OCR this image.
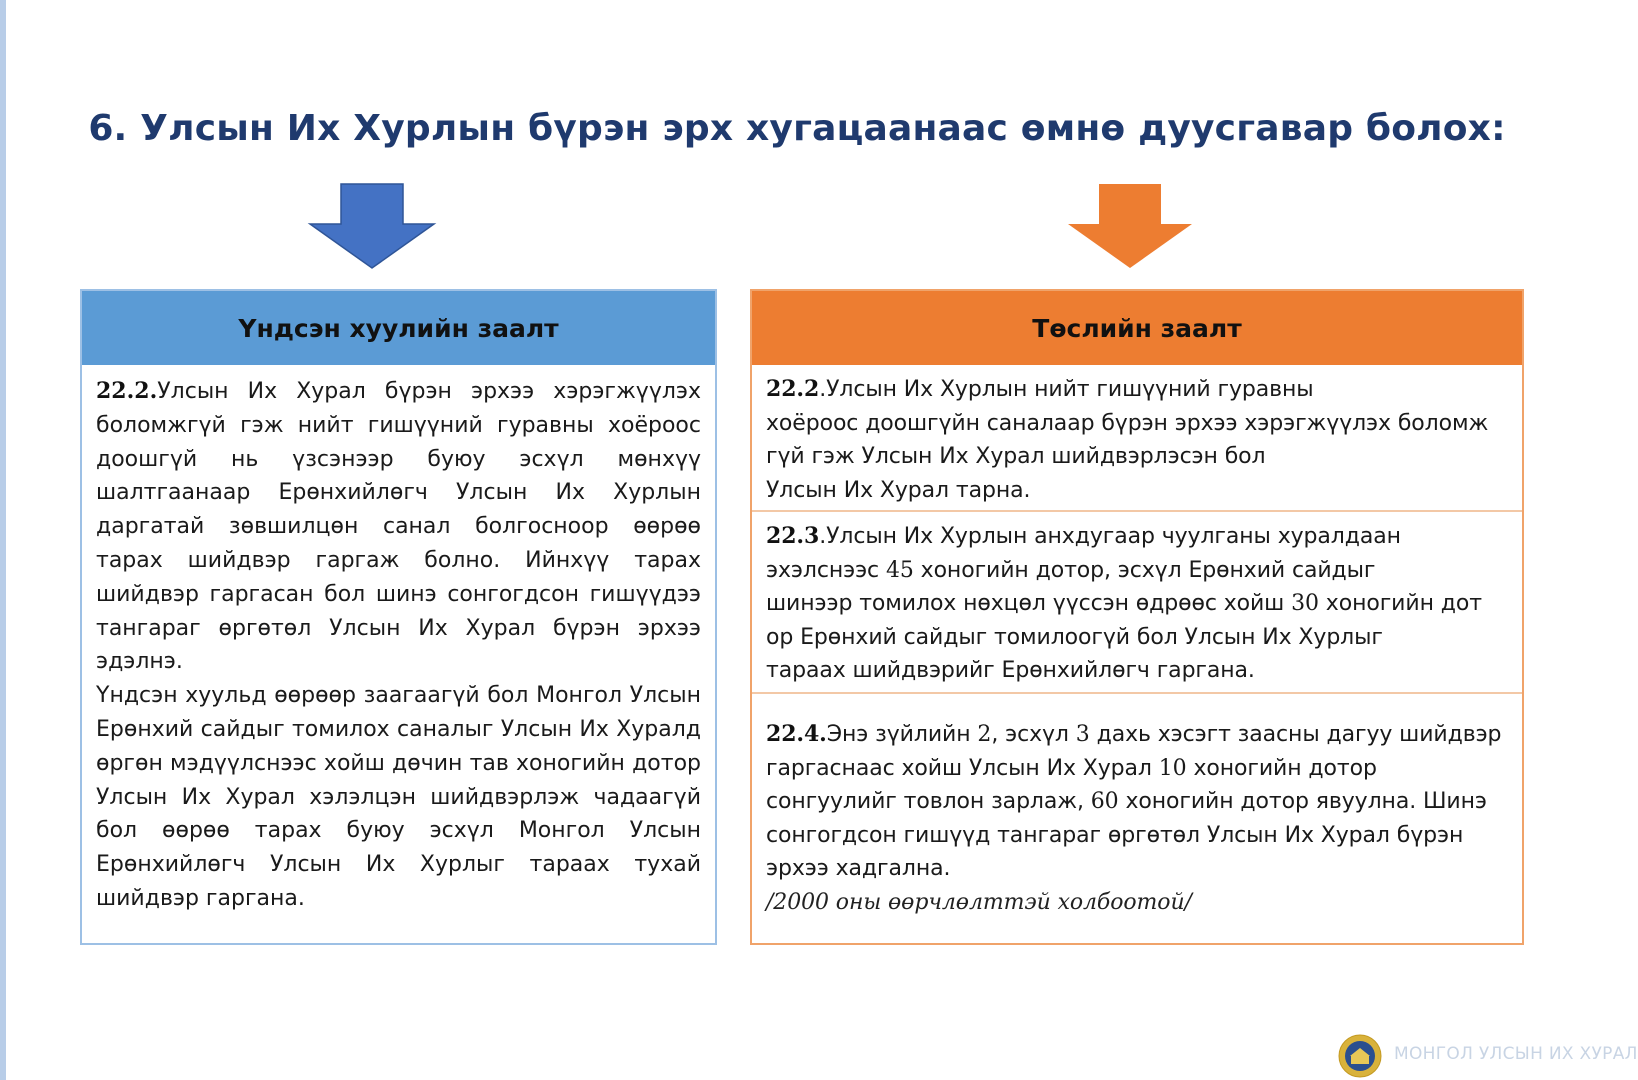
6. Улсын Их Хурлын бүрэн эрх хугацаанаас өмнө дуусгавар болох:
Үндсэн хуулийн заалт

22.2.Улсын Их Хурал бүрэн эрхээ хэрэгжүүлэх боломжгүй гэж нийт гишүүний гуравны хоёроос доошгүй нь үзсэнээр буюу эсхүл мөнхүү шалтгаанаар Ерөнхийлөгч Улсын Их Хурлын даргатай зөвшилцөн санал болгосноор өөрөө тарах шийдвэр гаргаж болно. Ийнхүү тарах шийдвэр гаргасан бол шинэ сонгогдсон гишүүдээ тангараг өргөтөл Улсын Их Хурал бүрэн эрхээ эдэлнэ.

Үндсэн хуульд өөрөөр заагаагүй бол Монгол Улсын Ерөнхий сайдыг томилох саналыг Улсын Их Хуралд өргөн мэдүүлснээс хойш дөчин тав хоногийн дотор Улсын Их Хурал хэлэлцэн шийдвэрлэж чадаагүй бол өөрөө тарах буюу эсхүл Монгол Улсын Ерөнхийлөгч Улсын Их Хурлыг тараах тухай шийдвэр гаргана.

Төслийн заалт
22.2.Улсын Их Хурлын нийт гишүүний гуравны
хоёроос доошгүйн саналаар бүрэн эрхээ хэрэгжүүлэх боломж
гүй гэж Улсын Их Хурал шийдвэрлэсэн бол
Улсын Их Хурал тарна.
22.3.Улсын Их Хурлын анхдугаар чуулганы хуралдаан
эхэлснээс 45 хоногийн дотор, эсхүл Ерөнхий сайдыг
шинээр томилох нөхцөл үүссэн өдрөөс хойш 30 хоногийн дот
ор Ерөнхий сайдыг томилоогүй бол Улсын Их Хурлыг
тараах шийдвэрийг Ерөнхийлөгч гаргана.
22.4.Энэ зүйлийн 2, эсхүл 3 дахь хэсэгт заасны дагуу шийдвэр
гаргаснаас хойш Улсын Их Хурал 10 хоногийн дотор
сонгуулийг товлон зарлаж, 60 хоногийн дотор явуулна. Шинэ
сонгогдсон гишүүд тангараг өргөтөл Улсын Их Хурал бүрэн
эрхээ хадгална.
/2000 оны өөрчлөлттэй холбоотой/
МОНГОЛ УЛСЫН ИХ ХУРАЛ
